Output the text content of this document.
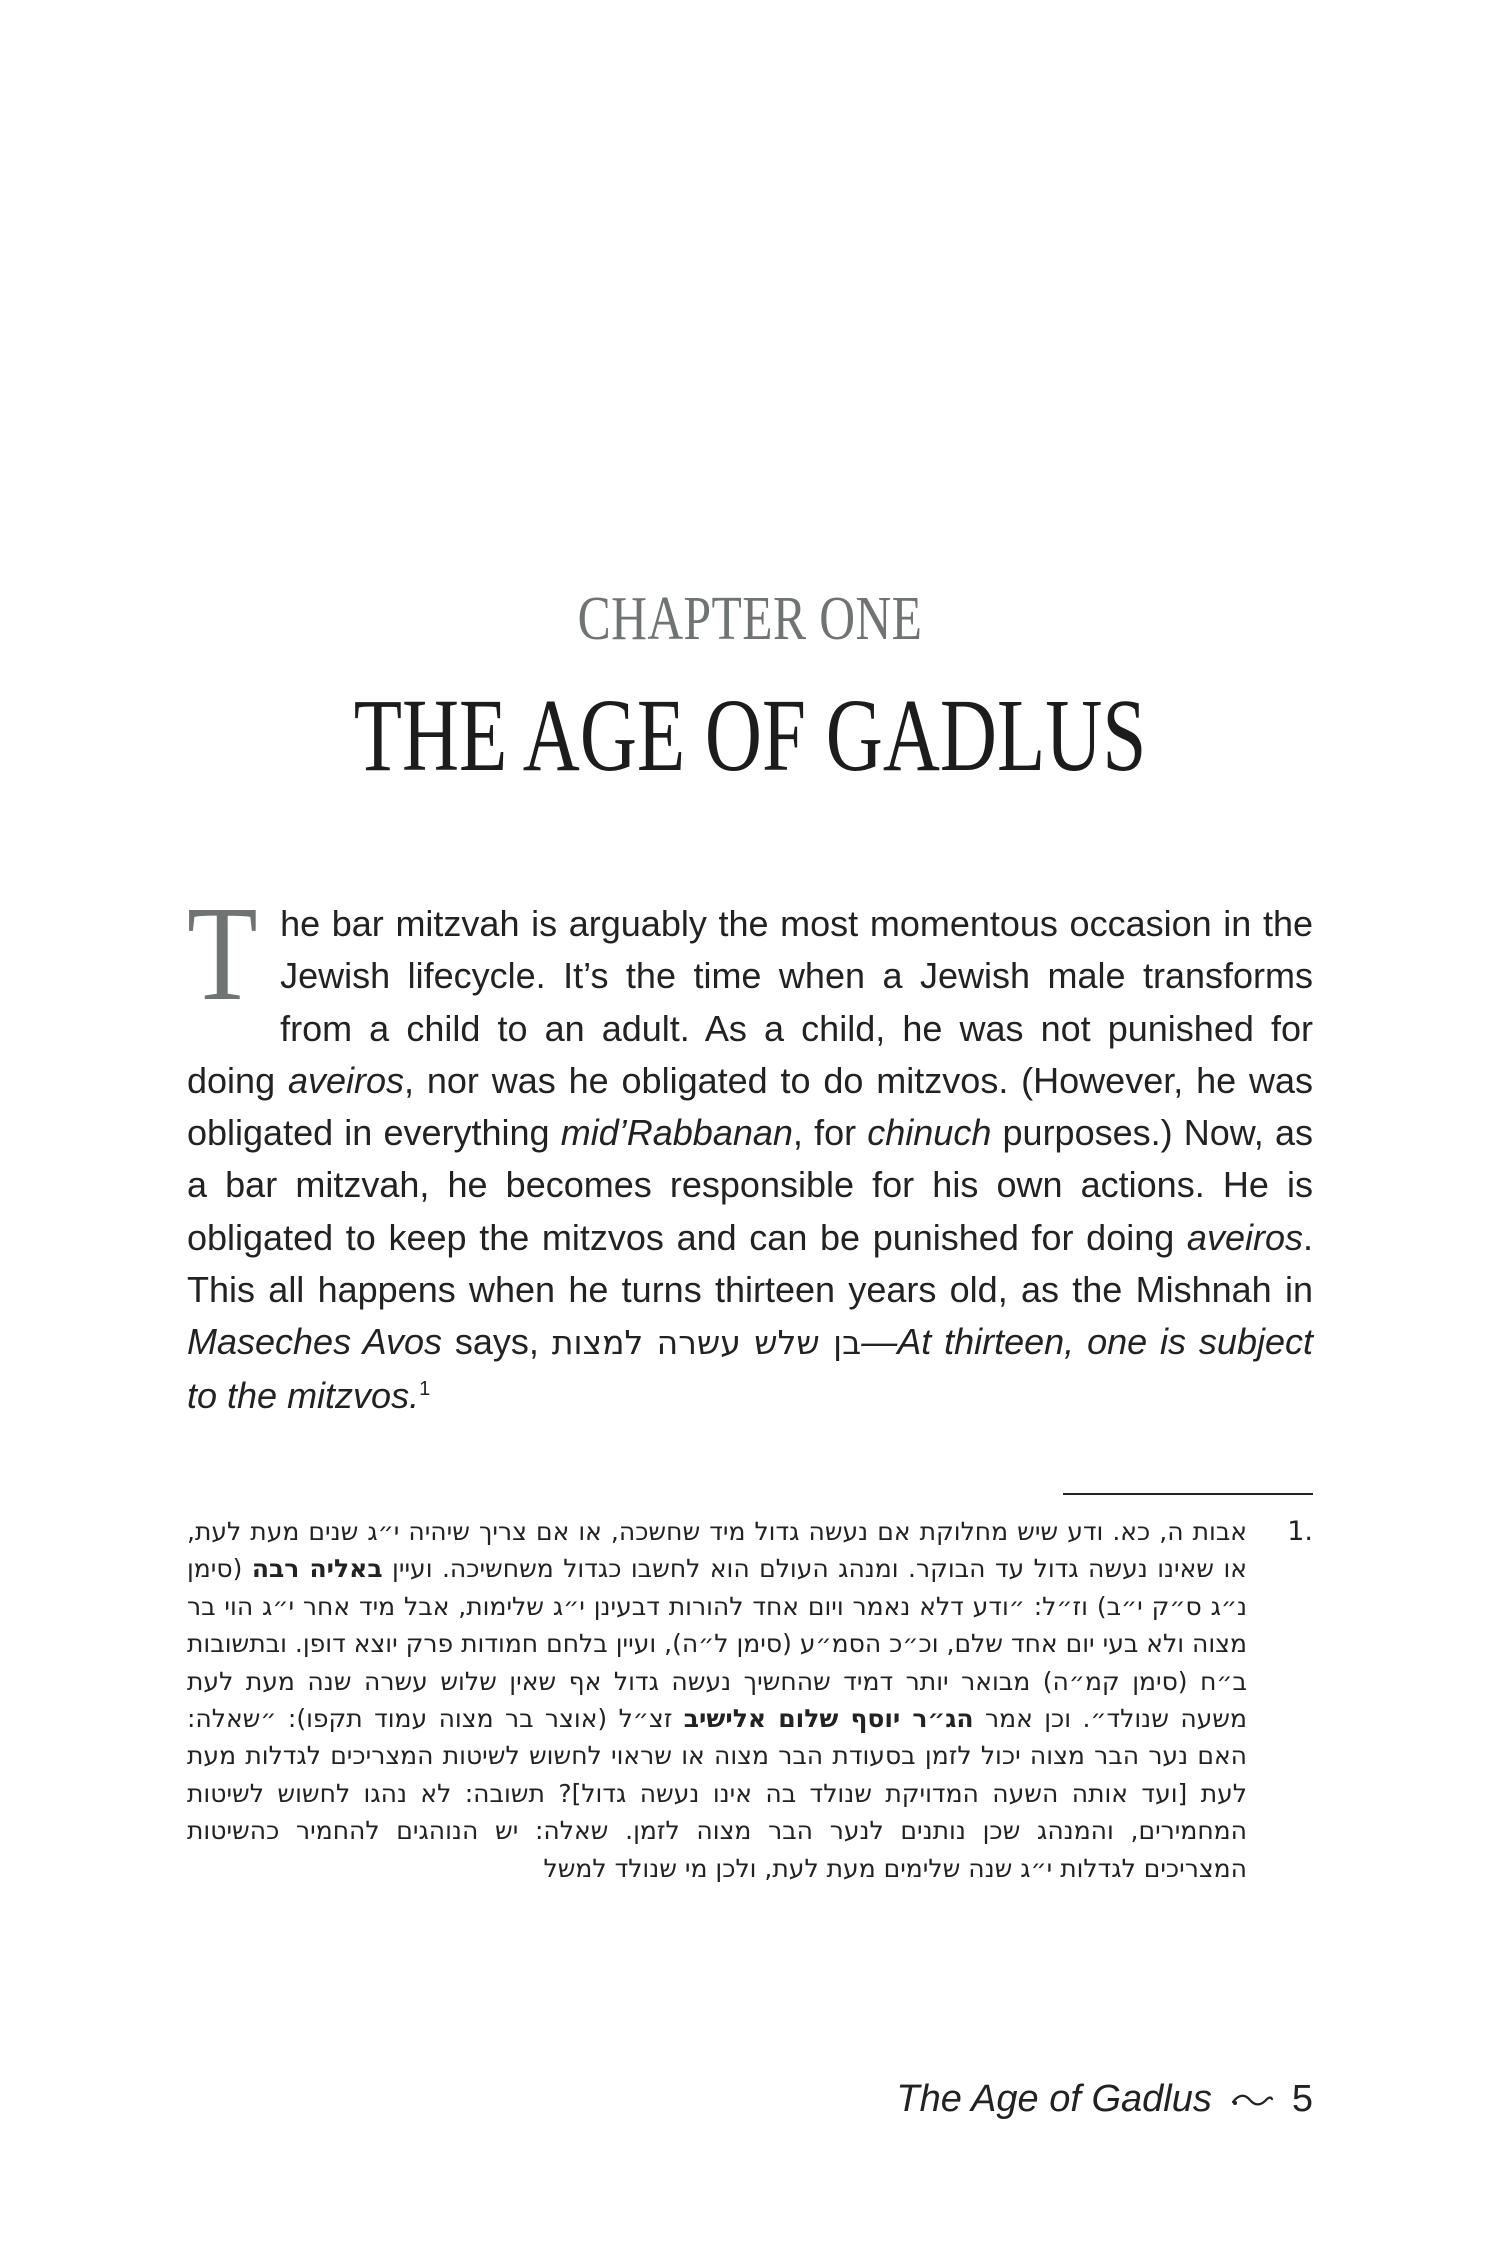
CHAPTER ONE
THE AGE OF GADLUS

The bar mitzvah is arguably the most momentous occasion in the Jewish lifecycle. It’s the time when a Jewish male transforms from a child to an adult. As a child, he was not punished for doing aveiros, nor was he obligated to do mitzvos. (However, he was obligated in everything mid’Rabbanan, for chinuch purposes.) Now, as a bar mitzvah, he becomes responsible for his own actions. He is obligated to keep the mitzvos and can be punished for doing aveiros. This all happens when he turns thirteen years old, as the Mishnah in Maseches Avos says, בן שלש עשרה למצות—At thirteen, one is subject to the mitzvos.$^1$

1.
אבות ה, כא. ודע שיש מחלוקת אם נעשה גדול מיד שחשכה, או אם צריך שיהיה י״ג שנים מעת לעת, או שאינו נעשה גדול עד הבוקר. ומנהג העולם הוא לחשבו כגדול משחשיכה. ועיין באליה רבה (סימן נ״ג ס״ק י״ב) וז״ל: ״ודע דלא נאמר ויום אחד להורות דבעינן י״ג שלימות, אבל מיד אחר י״ג הוי בר מצוה ולא בעי יום אחד שלם, וכ״כ הסמ״ע (סימן ל״ה), ועיין בלחם חמודות פרק יוצא דופן. ובתשובות ב״ח (סימן קמ״ה) מבואר יותר דמיד שהחשיך נעשה גדול אף שאין שלוש עשרה שנה מעת לעת משעה שנולד״. וכן אמר הג״ר יוסף שלום אלישיב זצ״ל (אוצר בר מצוה עמוד תקפו): ״שאלה: האם נער הבר מצוה יכול לזמן בסעודת הבר מצוה או שראוי לחשוש לשיטות המצריכים לגדלות מעת לעת [ועד אותה השעה המדויקת שנולד בה אינו נעשה גדול]? תשובה: לא נהגו לחשוש לשיטות המחמירים, והמנהג שכן נותנים לנער הבר מצוה לזמן. שאלה: יש הנוהגים להחמיר כהשיטות המצריכים לגדלות י״ג שנה שלימים מעת לעת, ולכן מי שנולד למשל
The Age of Gadlus 5
